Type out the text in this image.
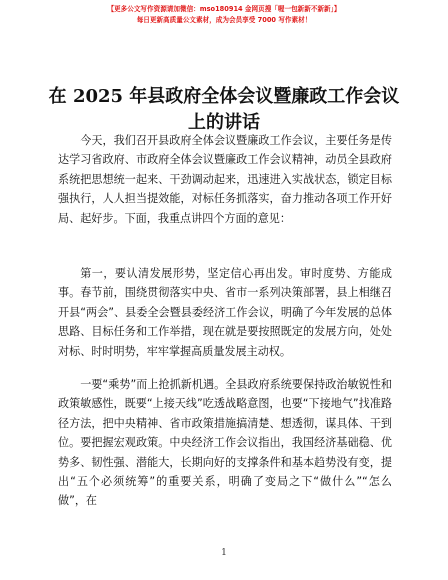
【更多公文写作资源请加微信：mso180914 金网页搜「喔一包新新不新新」】
每日更新高质量公文素材，成为会员享受 7000 写作素材！
在 2025 年县政府全体会议暨廉政工作会议上的讲话
今天，我们召开县政府全体会议暨廉政工作会议，主要任务是传达学习省政府、市政府全体会议暨廉政工作会议精神，动员全县政府系统把思想统一起来、干劲调动起来，迅速进入实战状态，锁定目标强执行，人人担当提效能，对标任务抓落实，奋力推动各项工作开好局、起好步。下面，我重点讲四个方面的意见：
第一，要认清发展形势，坚定信心再出发。审时度势、方能成事。春节前，围绕贯彻落实中央、省市一系列决策部署，县上相继召开县“两会”、县委全会暨县委经济工作会议，明确了今年发展的总体思路、目标任务和工作举措，现在就是要按照既定的发展方向，处处对标、时时明势，牢牢掌握高质量发展主动权。
一要“乘势”而上抢抓新机遇。全县政府系统要保持政治敏锐性和政策敏感性，既要“上接天线”吃透战略意图，也要“下接地气”找准路径方法，把中央精神、省市政策措施搞清楚、想透彻，谋具体、干到位。要把握宏观政策。中央经济工作会议指出，我国经济基础稳、优势多、韧性强、潜能大，长期向好的支撑条件和基本趋势没有变，提出“五个必须统筹”的重要关系，明确了变局之下“做什么”“怎么做”，在
1
